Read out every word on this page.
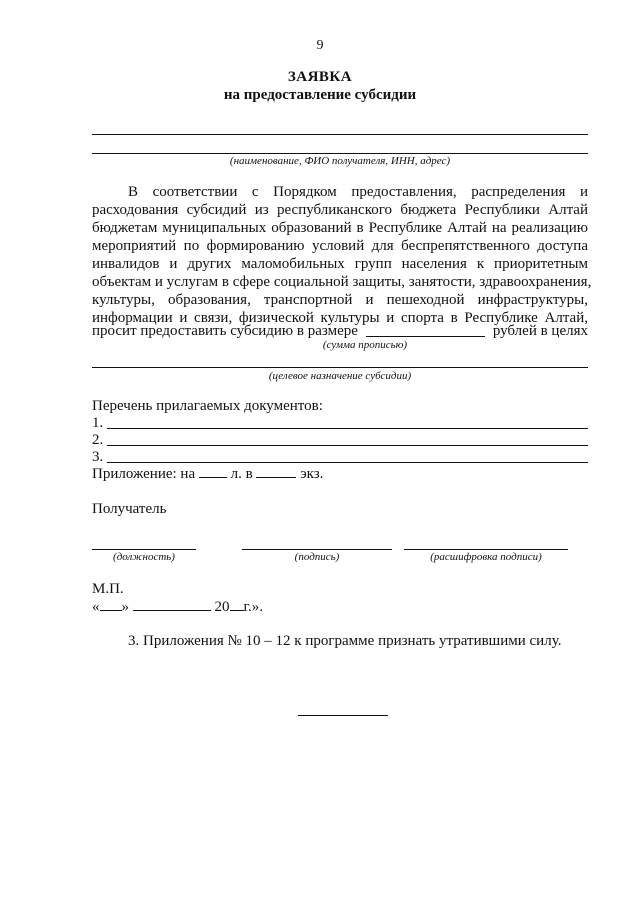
9
ЗАЯВКА
на предоставление субсидии
(наименование, ФИО получателя, ИНН, адрес)
В соответствии с Порядком предоставления, распределения и
расходования субсидий из республиканского бюджета Республики Алтай
бюджетам муниципальных образований в Республике Алтай на реализацию
мероприятий по формированию условий для беспрепятственного доступа
инвалидов и других маломобильных групп населения к приоритетным
объектам и услугам в сфере социальной защиты, занятости, здравоохранения,
культуры, образования, транспортной и пешеходной инфраструктуры,
информации и связи, физической культуры и спорта в Республике Алтай,
просит предоставить субсидию в размере	рублей в целях
(сумма прописью)
(целевое назначение субсидии)
Перечень прилагаемых документов:
1.
2.
3.
Приложение: на л. в	экз.
Получатель
(должность)	(подпись)	(расшифровка подписи)
М.П.
« »	20 г.».
3. Приложения № 10 – 12 к программе признать утратившими силу.
